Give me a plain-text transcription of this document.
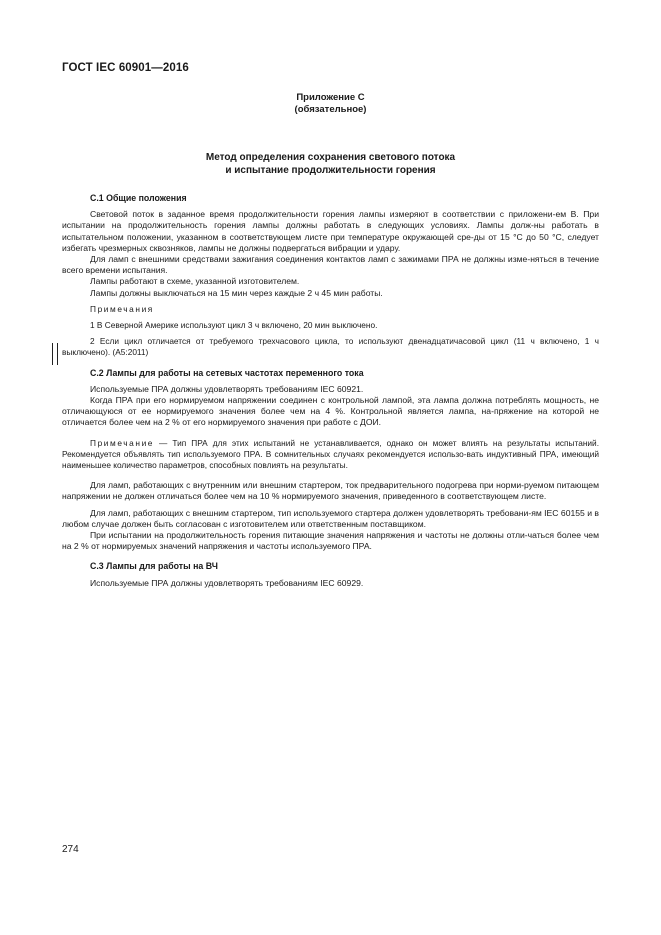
ГОСТ IEC 60901—2016
Приложение С
(обязательное)
Метод определения сохранения светового потока
и испытание продолжительности горения

С.1 Общие положения

Световой поток в заданное время продолжительности горения лампы измеряют в соответствии с приложени-ем В. При испытании на продолжительность горения лампы должны работать в следующих условиях. Лампы долж-ны работать в испытательном положении, указанном в соответствующем листе при температуре окружающей сре-ды от 15 °С до 50 °С, следует избегать чрезмерных сквозняков, лампы не должны подвергаться вибрации и удару.

Для ламп с внешними средствами зажигания соединения контактов ламп с зажимами ПРА не должны изме-няться в течение всего времени испытания.

Лампы работают в схеме, указанной изготовителем.

Лампы должны выключаться на 15 мин через каждые 2 ч 45 мин работы.

Примечания

1 В Северной Америке используют цикл 3 ч включено, 20 мин выключено.

2 Если цикл отличается от требуемого трехчасового цикла, то используют двенадцатичасовой цикл (11 ч включено, 1 ч выключено). (A5:2011)

С.2 Лампы для работы на сетевых частотах переменного тока

Используемые ПРА должны удовлетворять требованиям IEC 60921.

Когда ПРА при его нормируемом напряжении соединен с контрольной лампой, эта лампа должна потреблять мощность, не отличающуюся от ее нормируемого значения более чем на 4 %. Контрольной является лампа, на-пряжение на которой не отличается более чем на 2 % от его нормируемого значения при работе с ДОИ.

Примечание — Тип ПРА для этих испытаний не устанавливается, однако он может влиять на результаты испытаний. Рекомендуется объявлять тип используемого ПРА. В сомнительных случаях рекомендуется использо-вать индуктивный ПРА, имеющий наименьшее количество параметров, способных повлиять на результаты.

Для ламп, работающих с внутренним или внешним стартером, ток предварительного подогрева при норми-руемом питающем напряжении не должен отличаться более чем на 10 % нормируемого значения, приведенного в соответствующем листе.

Для ламп, работающих с внешним стартером, тип используемого стартера должен удовлетворять требовани-ям IEC 60155 и в любом случае должен быть согласован с изготовителем или ответственным поставщиком.

При испытании на продолжительность горения питающие значения напряжения и частоты не должны отли-чаться более чем на 2 % от нормируемых значений напряжения и частоты используемого ПРА.

С.3 Лампы для работы на ВЧ

Используемые ПРА должны удовлетворять требованиям IEC 60929.

274
